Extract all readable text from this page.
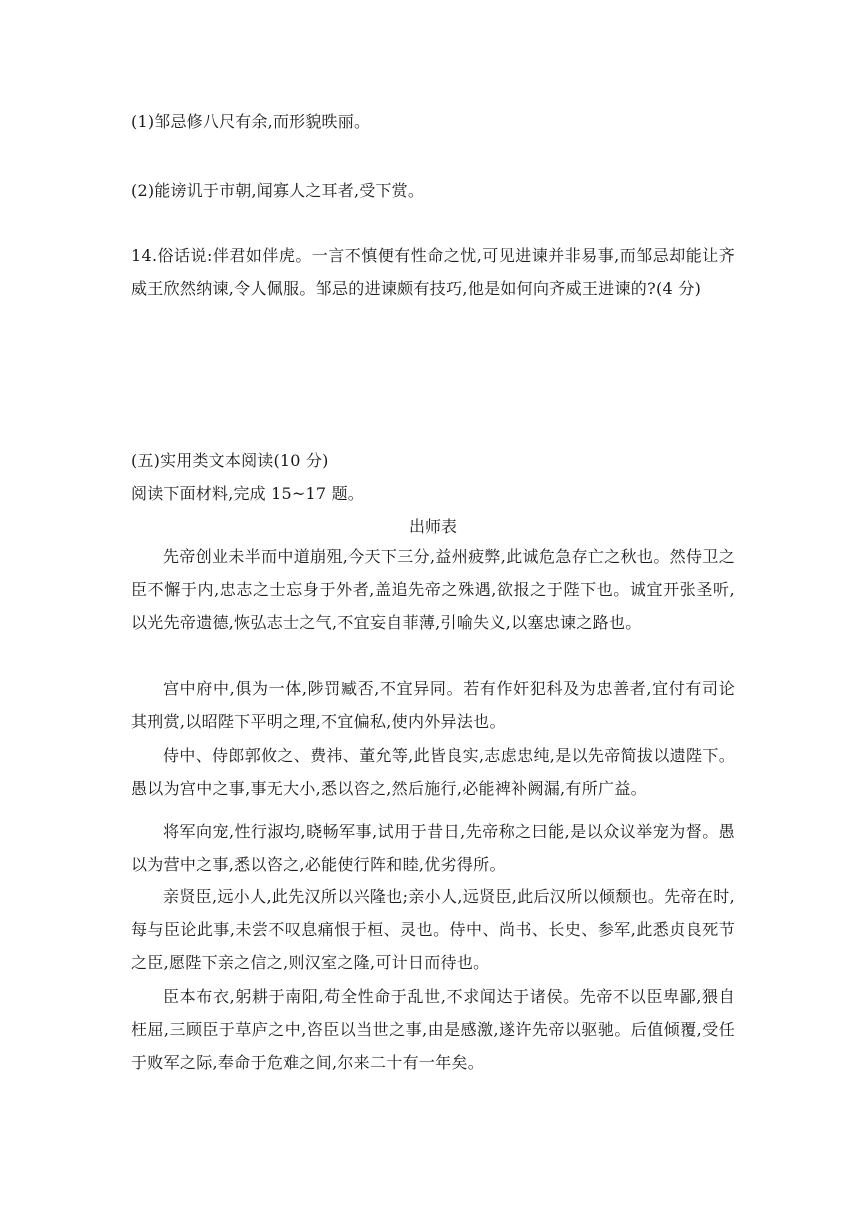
(1)邹忌修八尺有余,而形貌昳丽。
(2)能谤讥于市朝,闻寡人之耳者,受下赏。
14.俗话说:伴君如伴虎。一言不慎便有性命之忧,可见进谏并非易事,而邹忌却能让齐威王欣然纳谏,令人佩服。邹忌的进谏颇有技巧,他是如何向齐威王进谏的?(4 分)
(五)实用类文本阅读(10 分)
阅读下面材料,完成 15~17 题。
出师表
先帝创业未半而中道崩殂,今天下三分,益州疲弊,此诚危急存亡之秋也。然侍卫之臣不懈于内,忠志之士忘身于外者,盖追先帝之殊遇,欲报之于陛下也。诚宜开张圣听,以光先帝遗德,恢弘志士之气,不宜妄自菲薄,引喻失义,以塞忠谏之路也。
宫中府中,俱为一体,陟罚臧否,不宜异同。若有作奸犯科及为忠善者,宜付有司论其刑赏,以昭陛下平明之理,不宜偏私,使内外异法也。
侍中、侍郎郭攸之、费祎、董允等,此皆良实,志虑忠纯,是以先帝简拔以遗陛下。愚以为宫中之事,事无大小,悉以咨之,然后施行,必能裨补阙漏,有所广益。
将军向宠,性行淑均,晓畅军事,试用于昔日,先帝称之曰能,是以众议举宠为督。愚以为营中之事,悉以咨之,必能使行阵和睦,优劣得所。
亲贤臣,远小人,此先汉所以兴隆也;亲小人,远贤臣,此后汉所以倾颓也。先帝在时,每与臣论此事,未尝不叹息痛恨于桓、灵也。侍中、尚书、长史、参军,此悉贞良死节之臣,愿陛下亲之信之,则汉室之隆,可计日而待也。
臣本布衣,躬耕于南阳,苟全性命于乱世,不求闻达于诸侯。先帝不以臣卑鄙,猥自枉屈,三顾臣于草庐之中,咨臣以当世之事,由是感激,遂许先帝以驱驰。后值倾覆,受任于败军之际,奉命于危难之间,尔来二十有一年矣。
